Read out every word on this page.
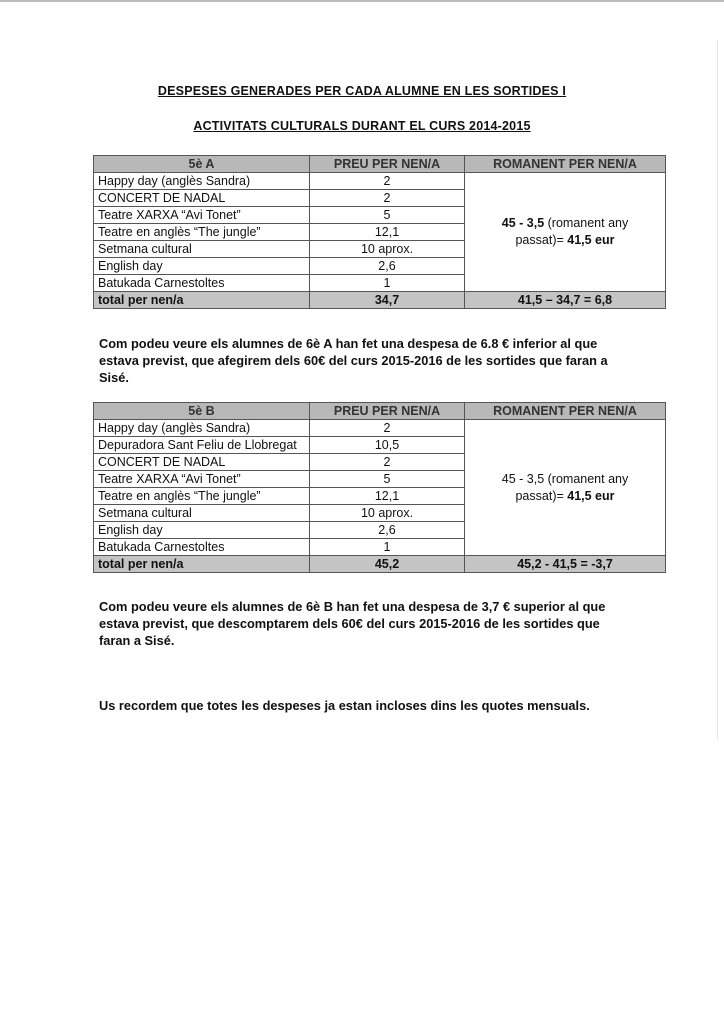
DESPESES GENERADES PER CADA ALUMNE EN LES SORTIDES I
ACTIVITATS CULTURALS DURANT EL CURS 2014-2015
5è A	PREU PER NEN/A	ROMANENT PER NEN/A
Happy day (anglès Sandra)	2	45 - 3,5 (romanent any passat)= 41,5 eur
CONCERT DE NADAL	2	
Teatre XARXA “Avi Tonet”	5	
Teatre en anglès “The jungle”	12,1	
Setmana cultural	10 aprox.	
English day	2,6	
Batukada Carnestoltes	1	
total per nen/a	34,7	41,5 – 34,7 = 6,8
Com podeu veure els alumnes de 6è A han fet una despesa de 6.8 € inferior al que estava previst, que afegirem dels 60€ del curs 2015-2016 de les sortides que faran a Sisé.
5è B	PREU PER NEN/A	ROMANENT PER NEN/A
Happy day (anglès Sandra)	2	45 - 3,5 (romanent any passat)= 41,5 eur
Depuradora Sant Feliu de Llobregat	10,5	
CONCERT DE NADAL	2	
Teatre XARXA “Avi Tonet”	5	
Teatre en anglès “The jungle”	12,1	
Setmana cultural	10 aprox.	
English day	2,6	
Batukada Carnestoltes	1	
total per nen/a	45,2	45,2 - 41,5 = -3,7
Com podeu veure els alumnes de 6è B han fet una despesa de 3,7 € superior al que estava previst, que descomptarem dels 60€ del curs 2015-2016 de les sortides que faran a Sisé.
Us recordem que totes les despeses ja estan incloses dins les quotes mensuals.
